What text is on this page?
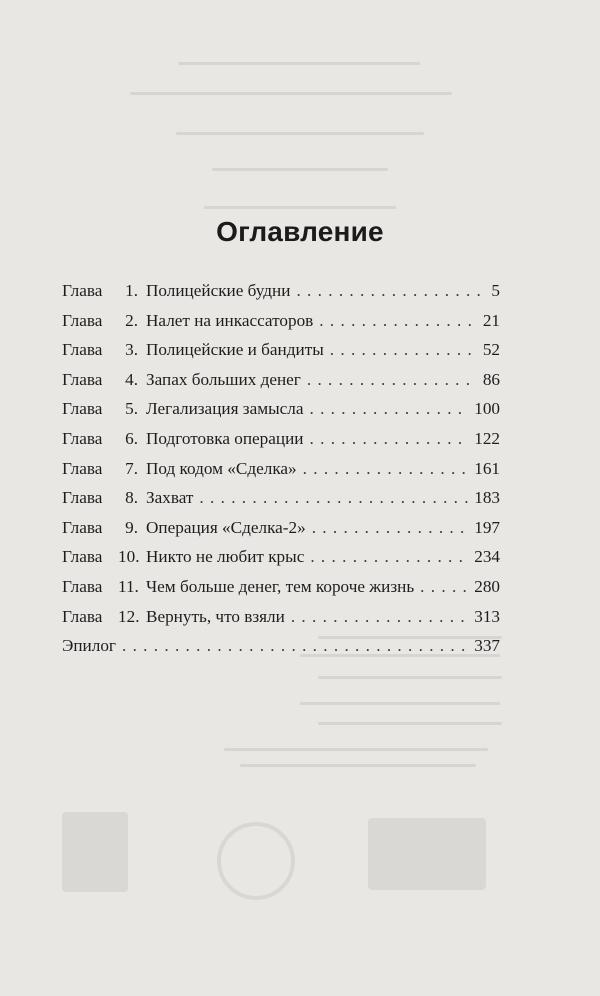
Оглавление
Глава 1. Полицейские будни . . .	5
Глава 2. Налет на инкассаторов . . .	21
Глава 3. Полицейские и бандиты . . .	52
Глава 4. Запах больших денег . . .	86
Глава 5. Легализация замысла . . .	100
Глава 6. Подготовка операции . . .	122
Глава 7. Под кодом «Сделка» . . .	161
Глава 8. Захват . . .	183
Глава 9. Операция «Сделка-2» . . .	197
Глава 10. Никто не любит крыс . . .	234
Глава 11. Чем больше денег, тем короче жизнь . . .	280
Глава 12. Вернуть, что взяли . . .	313
Эпилог . . .	337
